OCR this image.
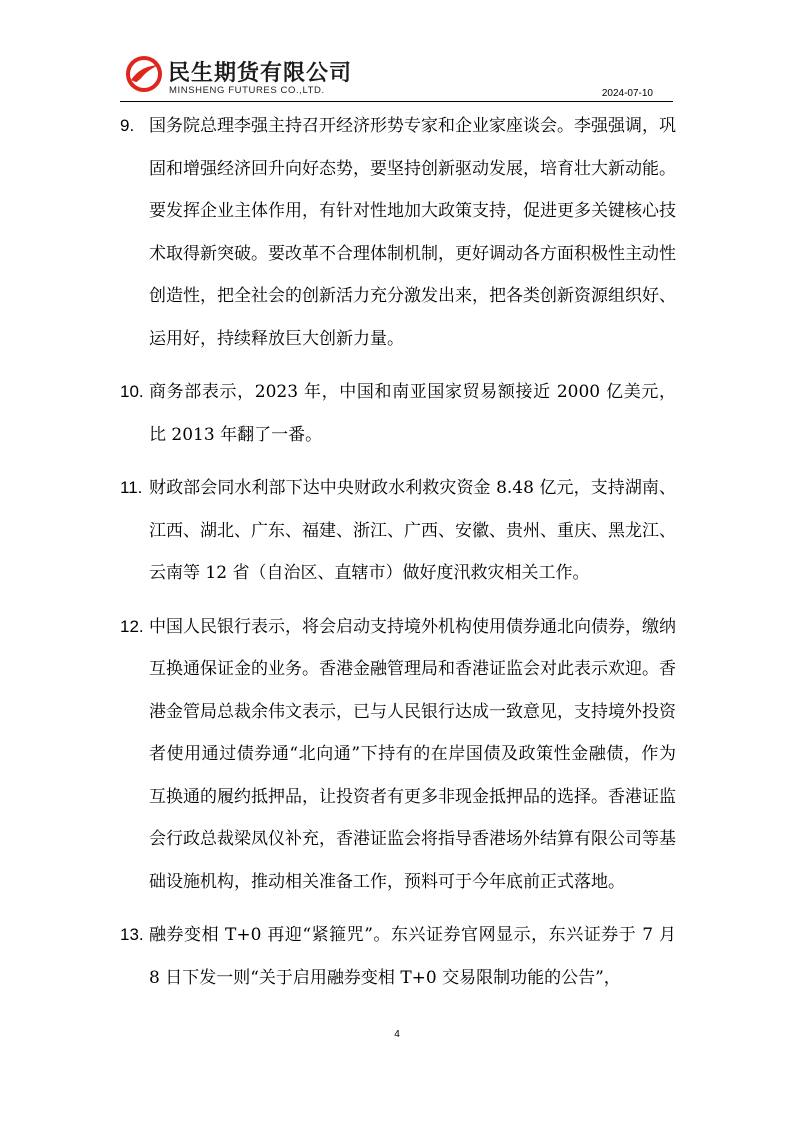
民生期货有限公司
MINSHENG FUTURES CO.,LTD.	2024-07-10
9. 国务院总理李强主持召开经济形势专家和企业家座谈会。李强强调，巩固和增强经济回升向好态势，要坚持创新驱动发展，培育壮大新动能。要发挥企业主体作用，有针对性地加大政策支持，促进更多关键核心技术取得新突破。要改革不合理体制机制，更好调动各方面积极性主动性创造性，把全社会的创新活力充分激发出来，把各类创新资源组织好、运用好，持续释放巨大创新力量。
10. 商务部表示，2023 年，中国和南亚国家贸易额接近 2000 亿美元，比 2013 年翻了一番。
11. 财政部会同水利部下达中央财政水利救灾资金 8.48 亿元，支持湖南、江西、湖北、广东、福建、浙江、广西、安徽、贵州、重庆、黑龙江、云南等 12 省（自治区、直辖市）做好度汛救灾相关工作。
12. 中国人民银行表示，将会启动支持境外机构使用债券通北向债券，缴纳互换通保证金的业务。香港金融管理局和香港证监会对此表示欢迎。香港金管局总裁余伟文表示，已与人民银行达成一致意见，支持境外投资者使用通过债券通“北向通”下持有的在岸国债及政策性金融债，作为互换通的履约抵押品，让投资者有更多非现金抵押品的选择。香港证监会行政总裁梁凤仪补充，香港证监会将指导香港场外结算有限公司等基础设施机构，推动相关准备工作，预料可于今年底前正式落地。
13. 融券变相 T+0 再迎“紧箍咒”。东兴证券官网显示，东兴证券于 7 月 8 日下发一则“关于启用融券变相 T+0 交易限制功能的公告”，
4
